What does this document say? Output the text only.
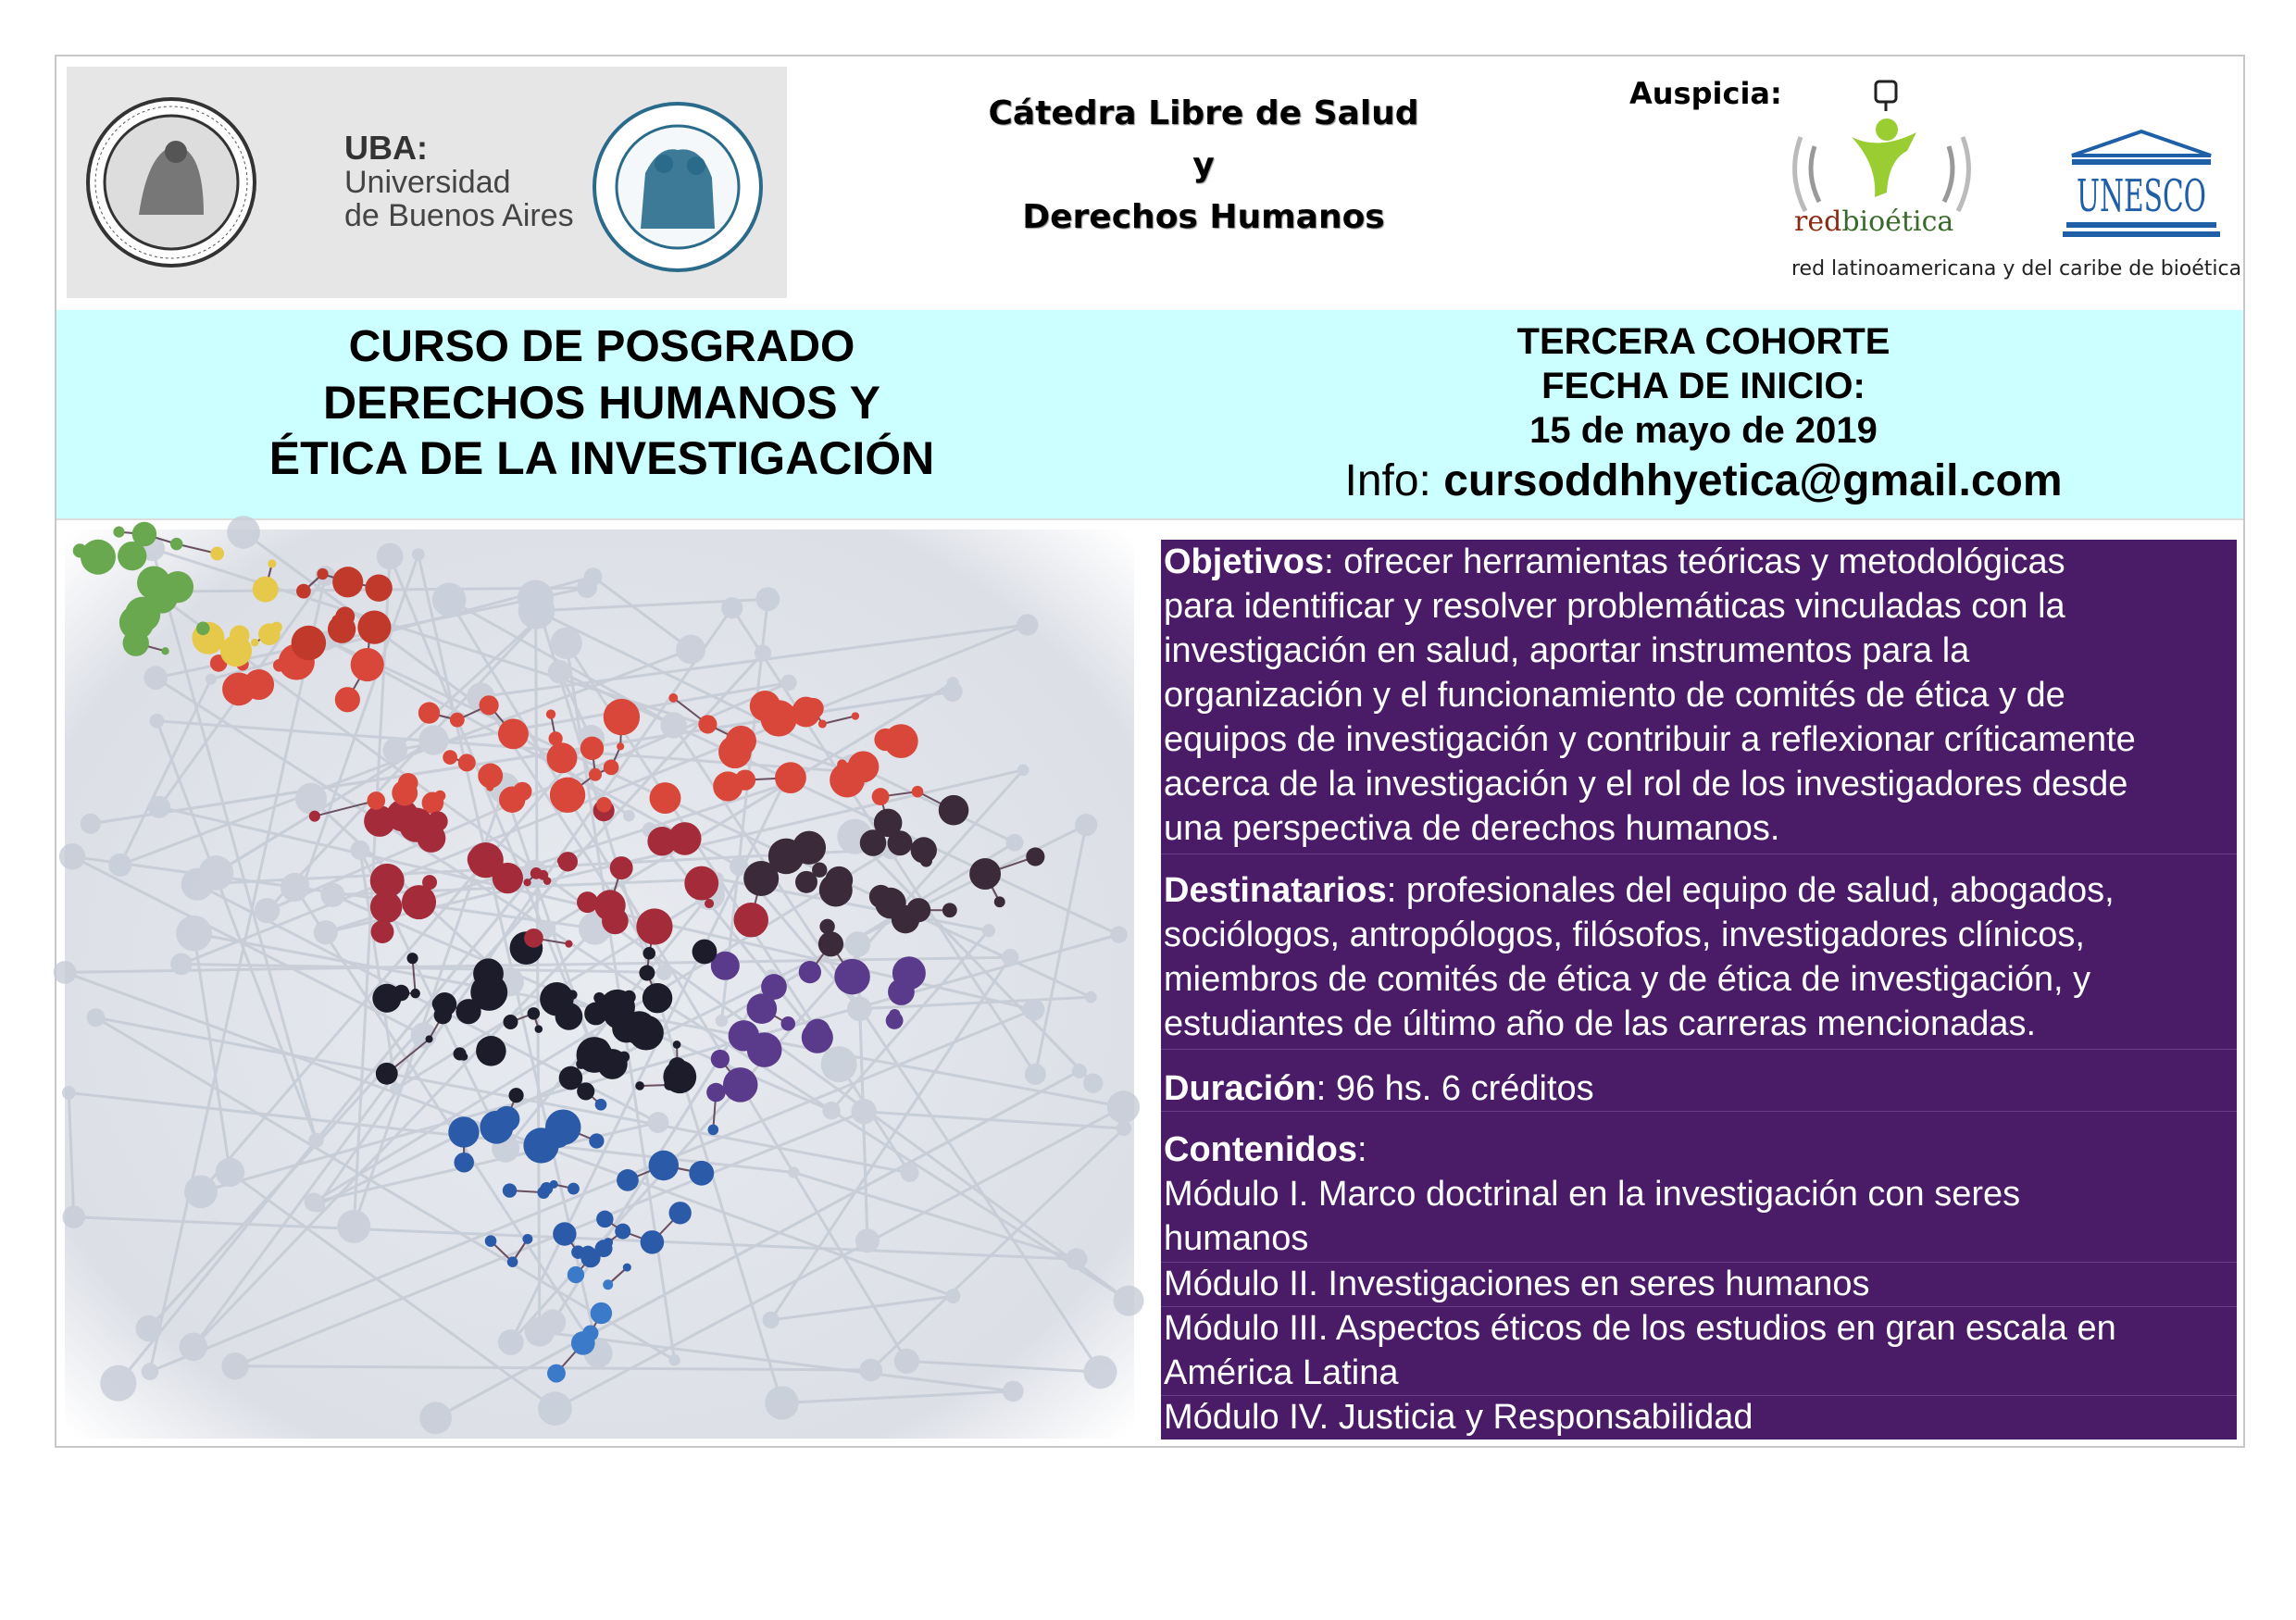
UBA:
Universidad
de Buenos Aires
Cátedra Libre de Salud
y
Derechos Humanos
Auspicia:
redbioética	UNESCO
red latinoamericana y del caribe de bioética
CURSO DE POSGRADO
DERECHOS HUMANOS Y
ÉTICA DE LA INVESTIGACIÓN
TERCERA COHORTE
FECHA DE INICIO:
15 de mayo de 2019
Info: cursoddhhyetica@gmail.com
Objetivos: ofrecer herramientas teóricas y metodológicas
para identificar y resolver problemáticas vinculadas con la
investigación en salud, aportar instrumentos para la
organización y el funcionamiento de comités de ética y de
equipos de investigación y contribuir a reflexionar críticamente
acerca de la investigación y el rol de los investigadores desde
una perspectiva de derechos humanos.
Destinatarios: profesionales del equipo de salud, abogados,
sociólogos, antropólogos, filósofos, investigadores clínicos,
miembros de comités de ética y de ética de investigación, y
estudiantes de último año de las carreras mencionadas.
Duración: 96 hs. 6 créditos
Contenidos:
Módulo I. Marco doctrinal en la investigación con seres
humanos
Módulo II. Investigaciones en seres humanos
Módulo III. Aspectos éticos de los estudios en gran escala en
América Latina
Módulo IV. Justicia y Responsabilidad
